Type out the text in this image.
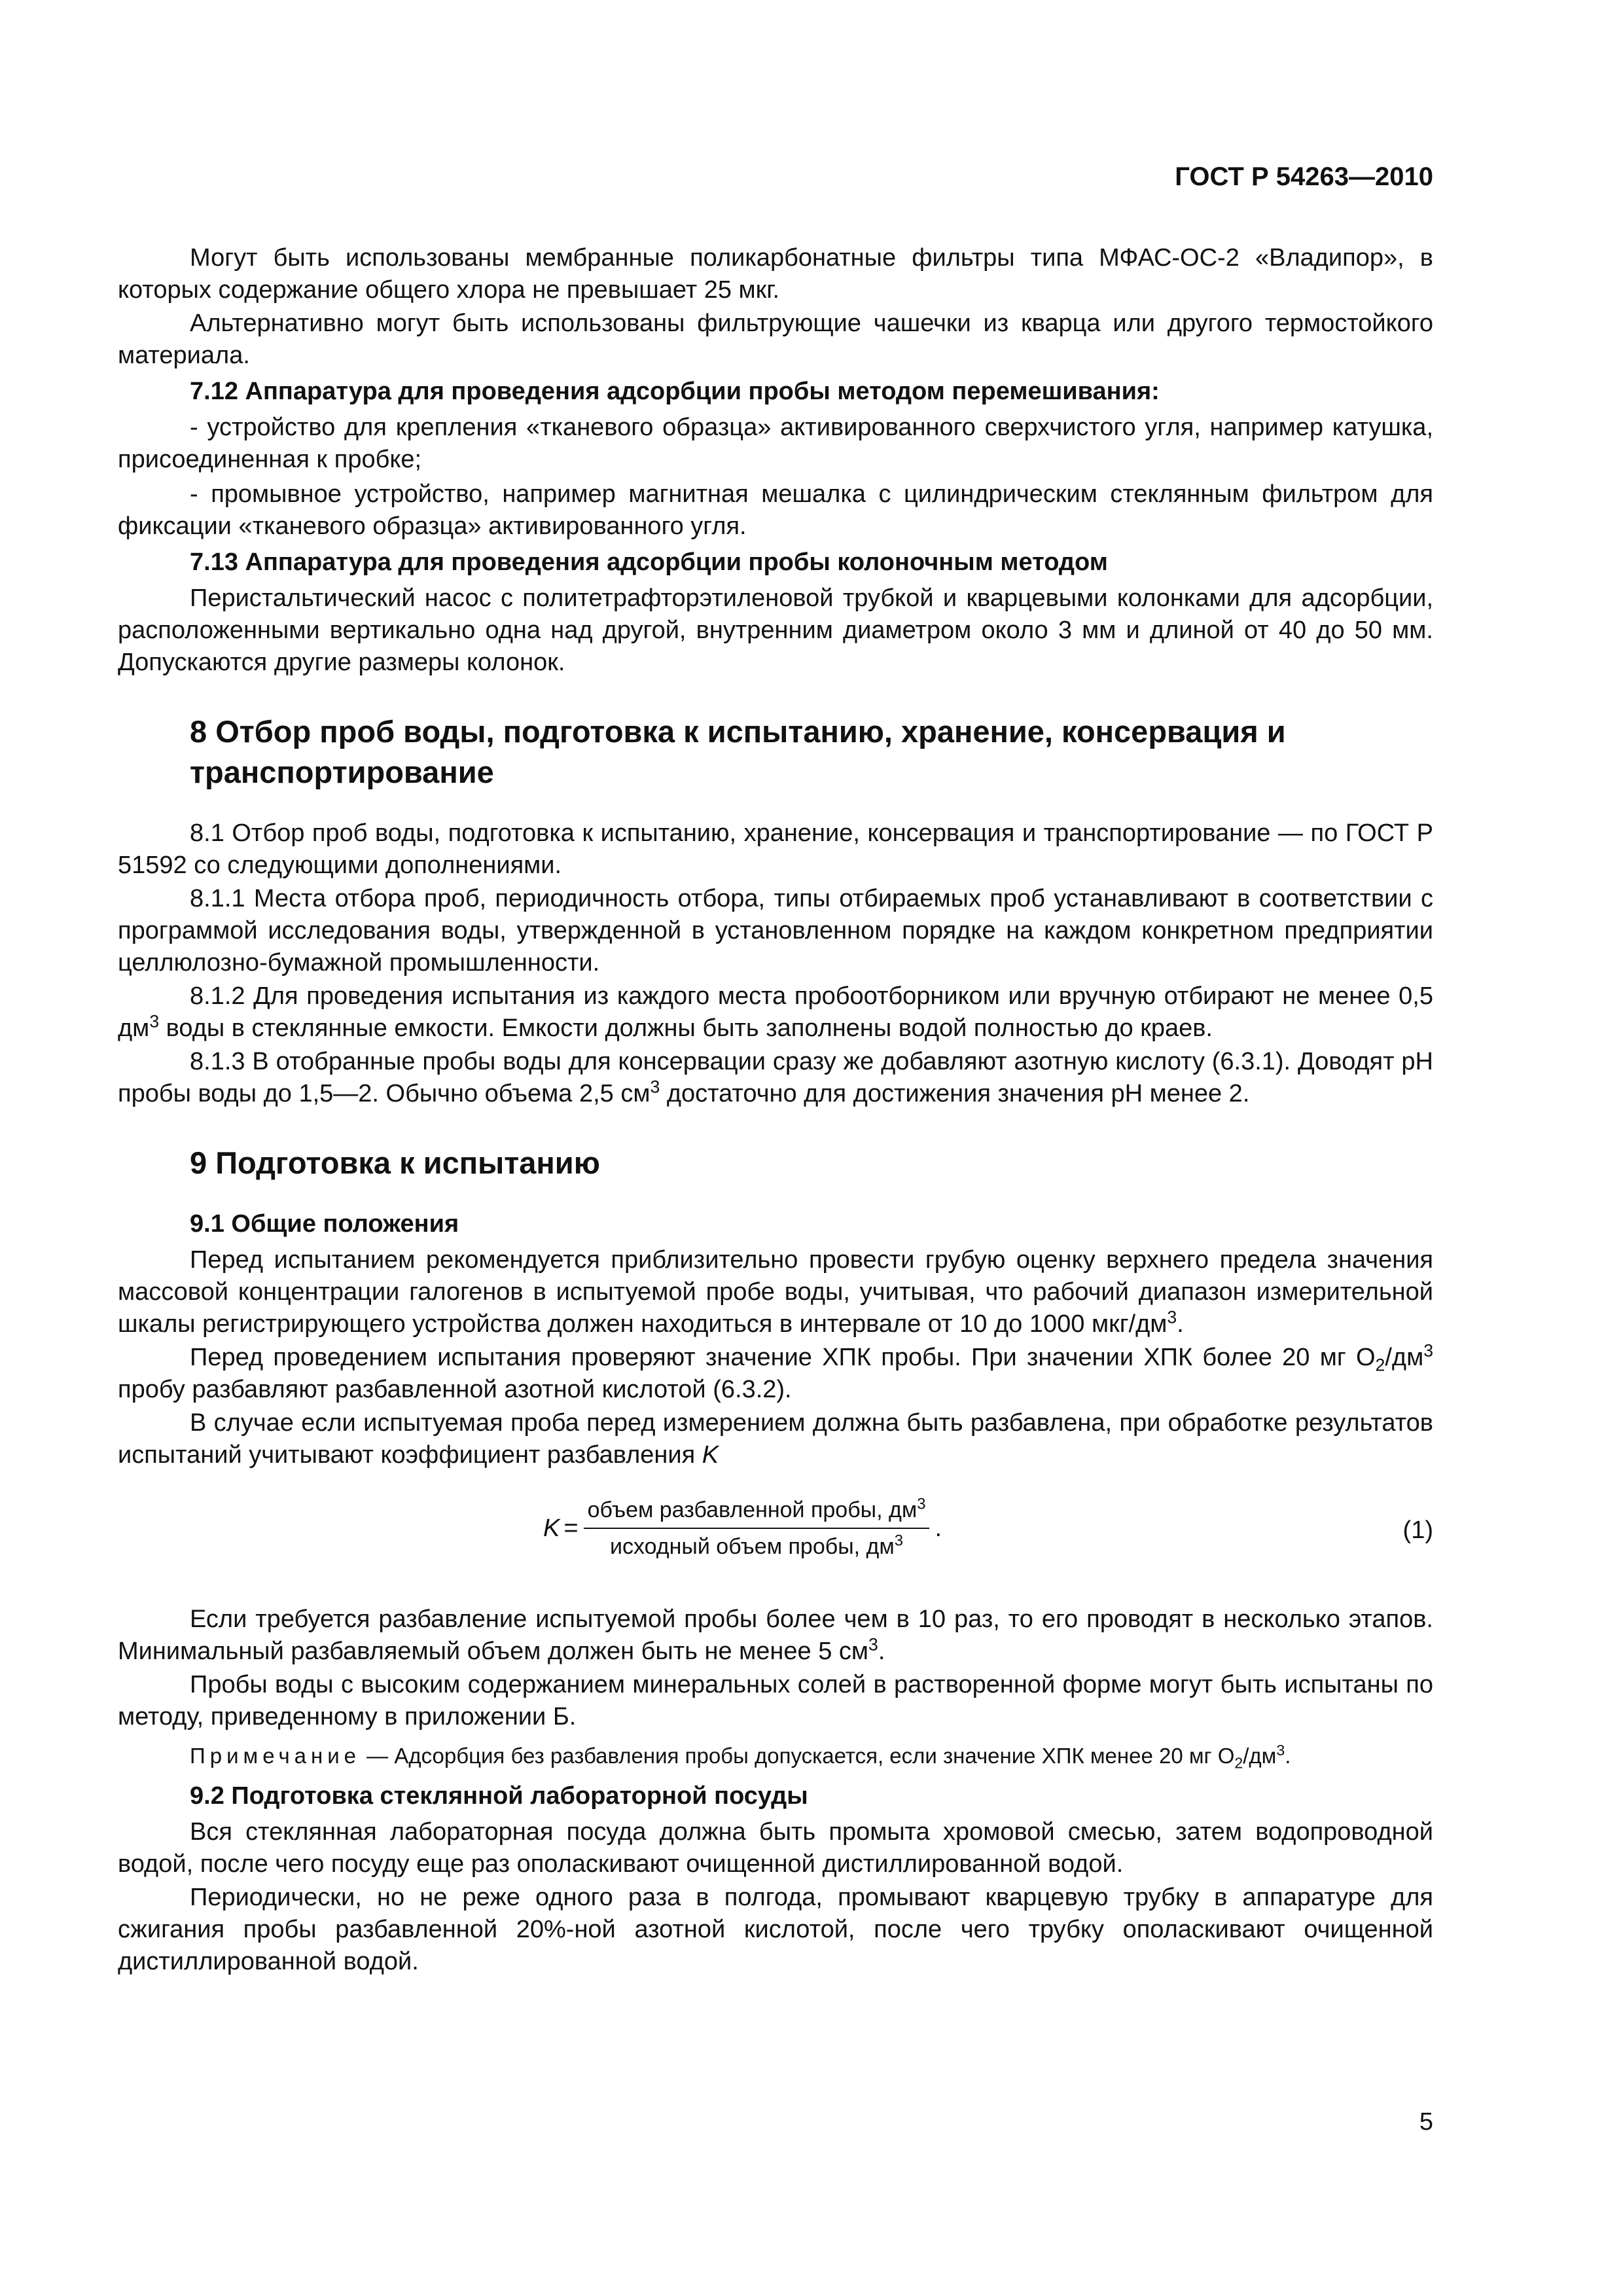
ГОСТ Р 54263—2010

Могут быть использованы мембранные поликарбонатные фильтры типа МФАС-ОС-2 «Владипор», в которых содержание общего хлора не превышает 25 мкг.

Альтернативно могут быть использованы фильтрующие чашечки из кварца или другого термостойкого материала.

7.12 Аппаратура для проведения адсорбции пробы методом перемешивания:

- устройство для крепления «тканевого образца» активированного сверхчистого угля, например катушка, присоединенная к пробке;

- промывное устройство, например магнитная мешалка с цилиндрическим стеклянным фильтром для фиксации «тканевого образца» активированного угля.

7.13 Аппаратура для проведения адсорбции пробы колоночным методом

Перистальтический насос с политетрафторэтиленовой трубкой и кварцевыми колонками для адсорбции, расположенными вертикально одна над другой, внутренним диаметром около 3 мм и длиной от 40 до 50 мм. Допускаются другие размеры колонок.

8 Отбор проб воды, подготовка к испытанию, хранение, консервация и транспортирование

8.1 Отбор проб воды, подготовка к испытанию, хранение, консервация и транспортирование — по ГОСТ Р 51592 со следующими дополнениями.

8.1.1 Места отбора проб, периодичность отбора, типы отбираемых проб устанавливают в соответствии с программой исследования воды, утвержденной в установленном порядке на каждом конкретном предприятии целлюлозно-бумажной промышленности.

8.1.2 Для проведения испытания из каждого места пробоотборником или вручную отбирают не менее 0,5 $дм^3$ воды в стеклянные емкости. Емкости должны быть заполнены водой полностью до краев.

8.1.3 В отобранные пробы воды для консервации сразу же добавляют азотную кислоту (6.3.1). Доводят рН пробы воды до 1,5—2. Обычно объема 2,5 $см^3$ достаточно для достижения значения рН менее 2.

9 Подготовка к испытанию

9.1 Общие положения

Перед испытанием рекомендуется приблизительно провести грубую оценку верхнего предела значения массовой концентрации галогенов в испытуемой пробе воды, учитывая, что рабочий диапазон измерительной шкалы регистрирующего устройства должен находиться в интервале от 10 до 1000 мкг/$дм^3$.

Перед проведением испытания проверяют значение ХПК пробы. При значении ХПК более 20 мг $О_2/дм^3$ пробу разбавляют разбавленной азотной кислотой (6.3.2).

В случае если испытуемая проба перед измерением должна быть разбавлена, при обработке результатов испытаний учитывают коэффициент разбавления K

$K = \frac{объем разбавленной пробы, дм^3}{исходный объем пробы, дм^3}$ .	(1)

Если требуется разбавление испытуемой пробы более чем в 10 раз, то его проводят в несколько этапов. Минимальный разбавляемый объем должен быть не менее 5 $см^3$.

Пробы воды с высоким содержанием минеральных солей в растворенной форме могут быть испытаны по методу, приведенному в приложении Б.

Примечание — Адсорбция без разбавления пробы допускается, если значение ХПК менее 20 мг $О_2/дм^3$.

9.2 Подготовка стеклянной лабораторной посуды

Вся стеклянная лабораторная посуда должна быть промыта хромовой смесью, затем водопроводной водой, после чего посуду еще раз ополаскивают очищенной дистиллированной водой.

Периодически, но не реже одного раза в полгода, промывают кварцевую трубку в аппаратуре для сжигания пробы разбавленной 20%-ной азотной кислотой, после чего трубку ополаскивают очищенной дистиллированной водой.

5
